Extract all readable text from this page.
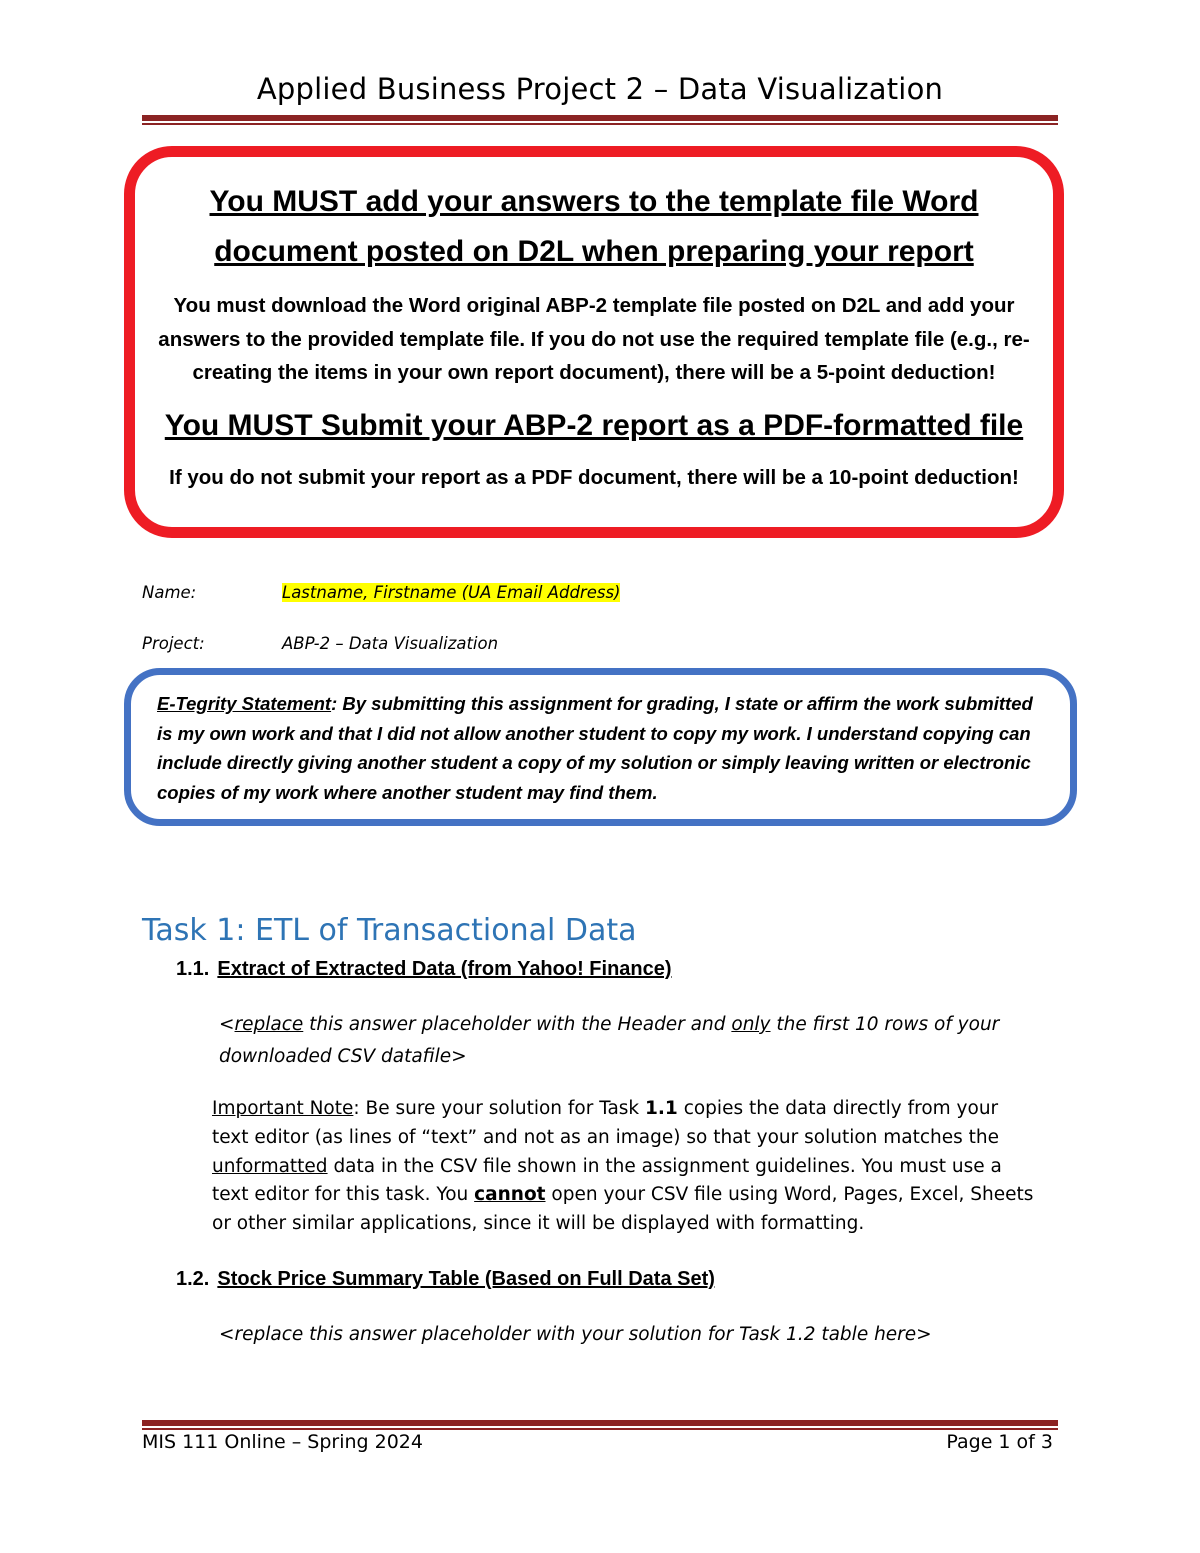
Applied Business Project 2 – Data Visualization
You MUST add your answers to the template file Word
document posted on D2L when preparing your report
You must download the Word original ABP-2 template file posted on D2L and add your
answers to the provided template file. If you do not use the required template file (e.g., re-
creating the items in your own report document), there will be a 5-point deduction!
You MUST Submit your ABP-2 report as a PDF-formatted file
If you do not submit your report as a PDF document, there will be a 10-point deduction!
Name:	Lastname, Firstname (UA Email Address)
Project:	ABP-2 – Data Visualization
E-Tegrity Statement: By submitting this assignment for grading, I state or affirm the work submitted
is my own work and that I did not allow another student to copy my work. I understand copying can
include directly giving another student a copy of my solution or simply leaving written or electronic
copies of my work where another student may find them.
Task 1: ETL of Transactional Data
1.1. Extract of Extracted Data (from Yahoo! Finance)
<replace this answer placeholder with the Header and only the first 10 rows of your
downloaded CSV datafile>
Important Note: Be sure your solution for Task 1.1 copies the data directly from your
text editor (as lines of “text” and not as an image) so that your solution matches the
unformatted data in the CSV file shown in the assignment guidelines. You must use a
text editor for this task. You cannot open your CSV file using Word, Pages, Excel, Sheets
or other similar applications, since it will be displayed with formatting.
1.2. Stock Price Summary Table (Based on Full Data Set)
<replace this answer placeholder with your solution for Task 1.2 table here>
MIS 111 Online – Spring 2024	Page 1 of 3
